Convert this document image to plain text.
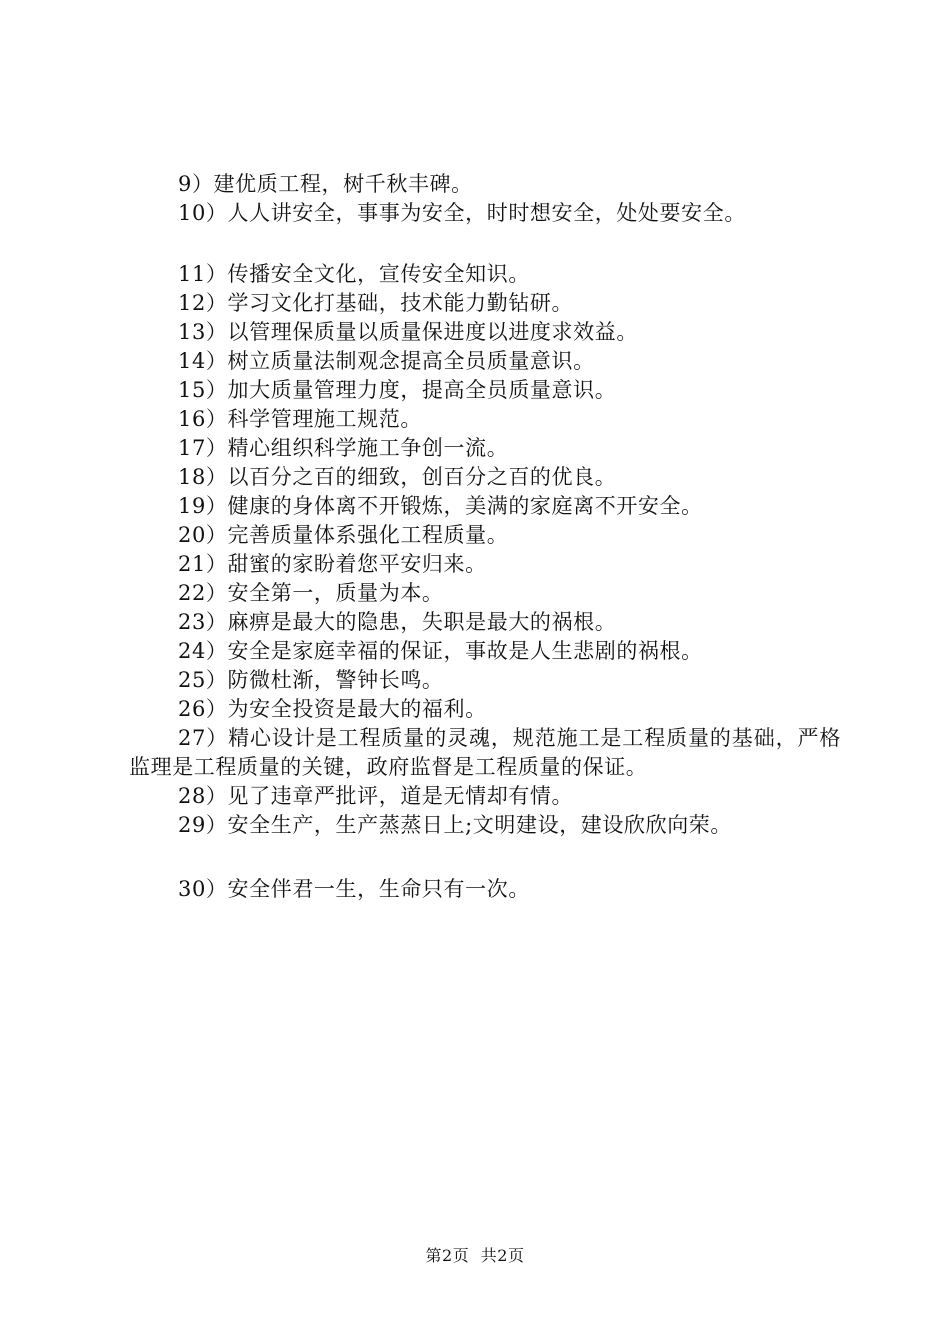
9）建优质工程，树千秋丰碑。
10）人人讲安全，事事为安全，时时想安全，处处要安全。
11）传播安全文化，宣传安全知识。
12）学习文化打基础，技术能力勤钻研。
13）以管理保质量以质量保进度以进度求效益。
14）树立质量法制观念提高全员质量意识。
15）加大质量管理力度，提高全员质量意识。
16）科学管理施工规范。
17）精心组织科学施工争创一流。
18）以百分之百的细致，创百分之百的优良。
19）健康的身体离不开锻炼，美满的家庭离不开安全。
20）完善质量体系强化工程质量。
21）甜蜜的家盼着您平安归来。
22）安全第一，质量为本。
23）麻痹是最大的隐患，失职是最大的祸根。
24）安全是家庭幸福的保证，事故是人生悲剧的祸根。
25）防微杜渐，警钟长鸣。
26）为安全投资是最大的福利。
27）精心设计是工程质量的灵魂，规范施工是工程质量的基础，严格监理是工程质量的关键，政府监督是工程质量的保证。
28）见了违章严批评，道是无情却有情。
29）安全生产，生产蒸蒸日上;文明建设，建设欣欣向荣。
30）安全伴君一生，生命只有一次。
第2页 共2页
